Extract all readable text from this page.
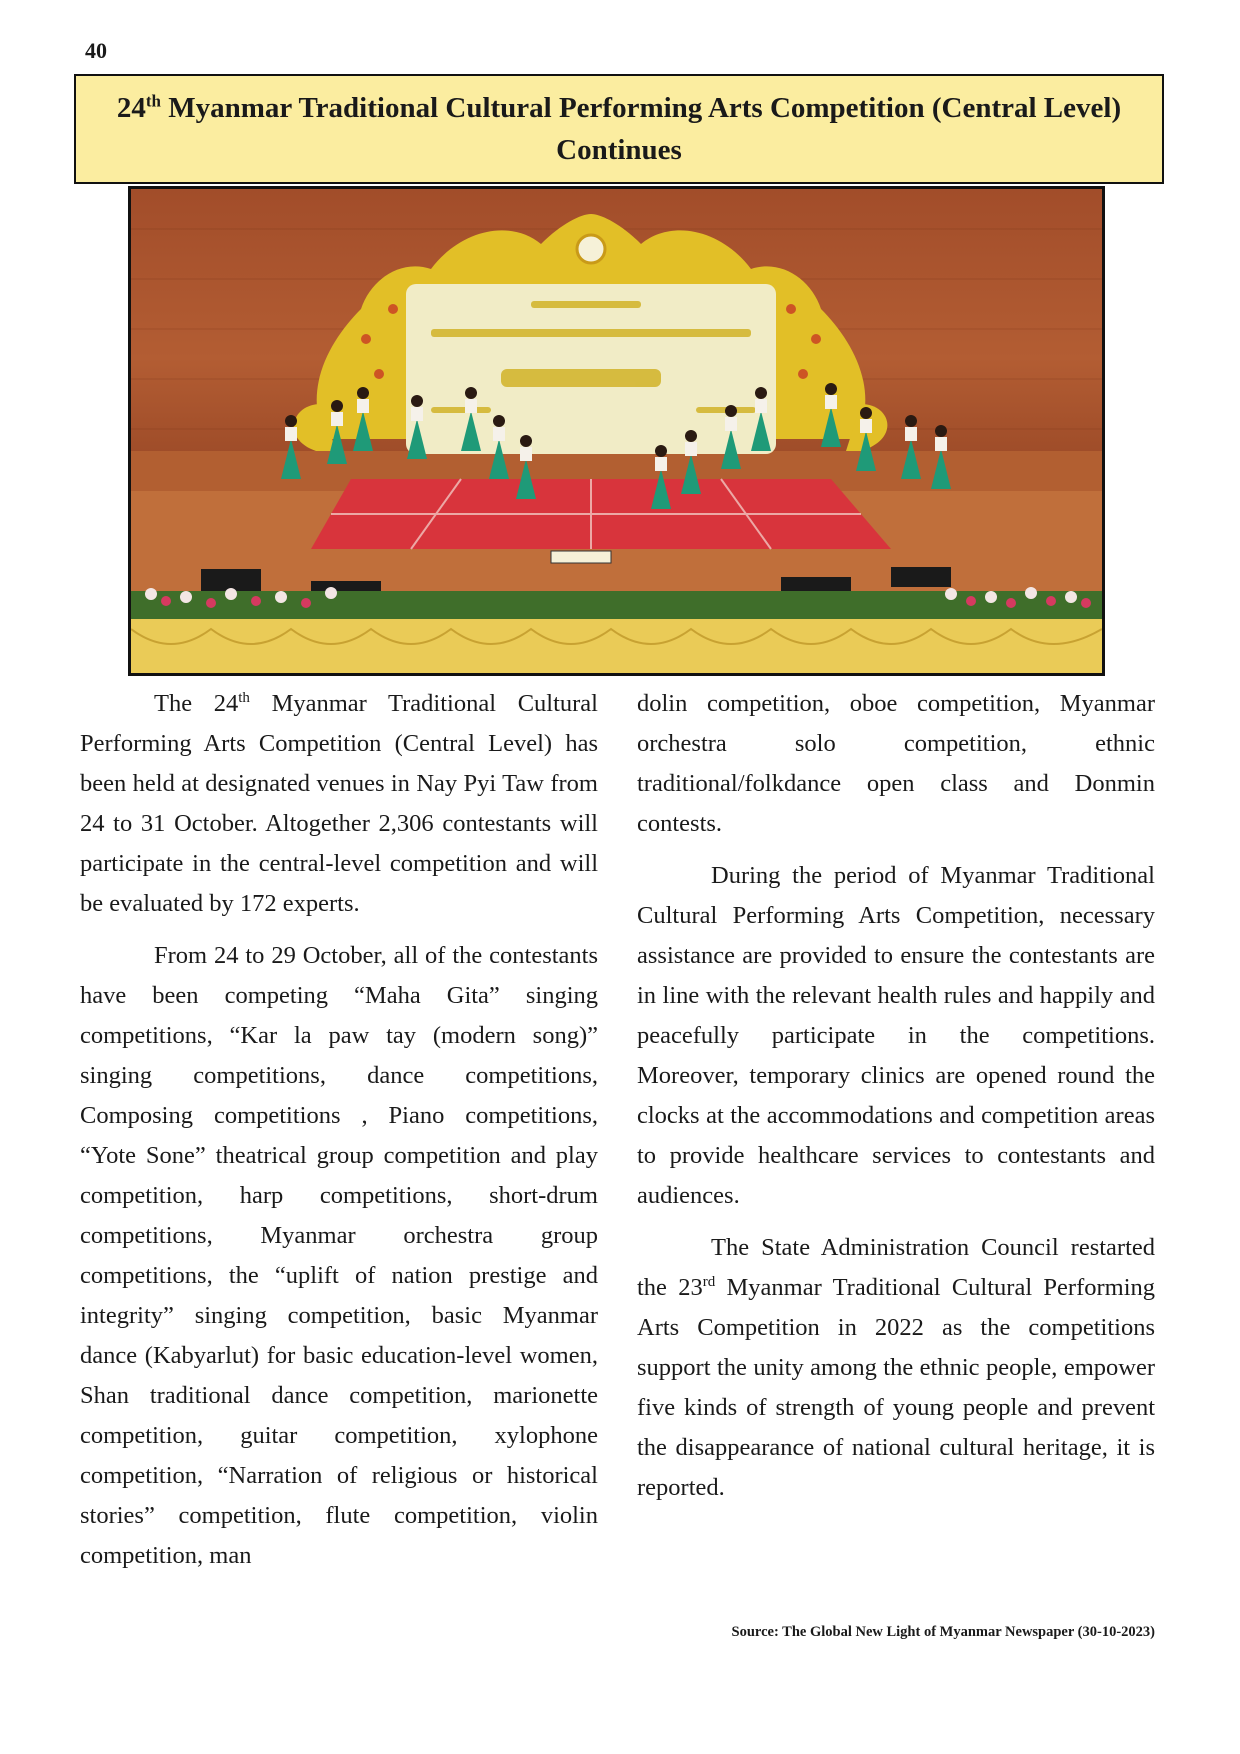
40
24th Myanmar Traditional Cultural Performing Arts Competition (Central Level) Continues

The 24th Myanmar Traditional Cultural Performing Arts Competition (Central Level) has been held at designated venues in Nay Pyi Taw from 24 to 31 October. Altogether 2,306 contestants will participate in the central-level competition and will be evaluated by 172 experts.

From 24 to 29 October, all of the contestants have been competing “Maha Gita” singing competitions, “Kar la paw tay (modern song)” singing competitions, dance competitions, Composing competitions , Piano competitions, “Yote Sone” theatrical group competition and play competition, harp competitions, short-drum competitions, Myanmar orchestra group competitions, the “uplift of nation prestige and integrity” singing competition, basic Myanmar dance (Kabyarlut) for basic education-level women, Shan traditional dance competition, marionette competition, guitar competition, xylophone competition, “Narration of religious or historical stories” competition, flute competition, violin competition, man

dolin competition, oboe competition, Myanmar orchestra solo competition, ethnic traditional/folkdance open class and Donmin contests.

During the period of Myanmar Traditional Cultural Performing Arts Competition, necessary assistance are provided to ensure the contestants are in line with the relevant health rules and happily and peacefully participate in the competitions. Moreover, temporary clinics are opened round the clocks at the accommodations and competition areas to provide healthcare services to contestants and audiences.

The State Administration Council restarted the 23rd Myanmar Traditional Cultural Performing Arts Competition in 2022 as the competitions support the unity among the ethnic people, empower five kinds of strength of young people and prevent the disappearance of national cultural heritage, it is reported.

Source: The Global New Light of Myanmar Newspaper (30-10-2023)
